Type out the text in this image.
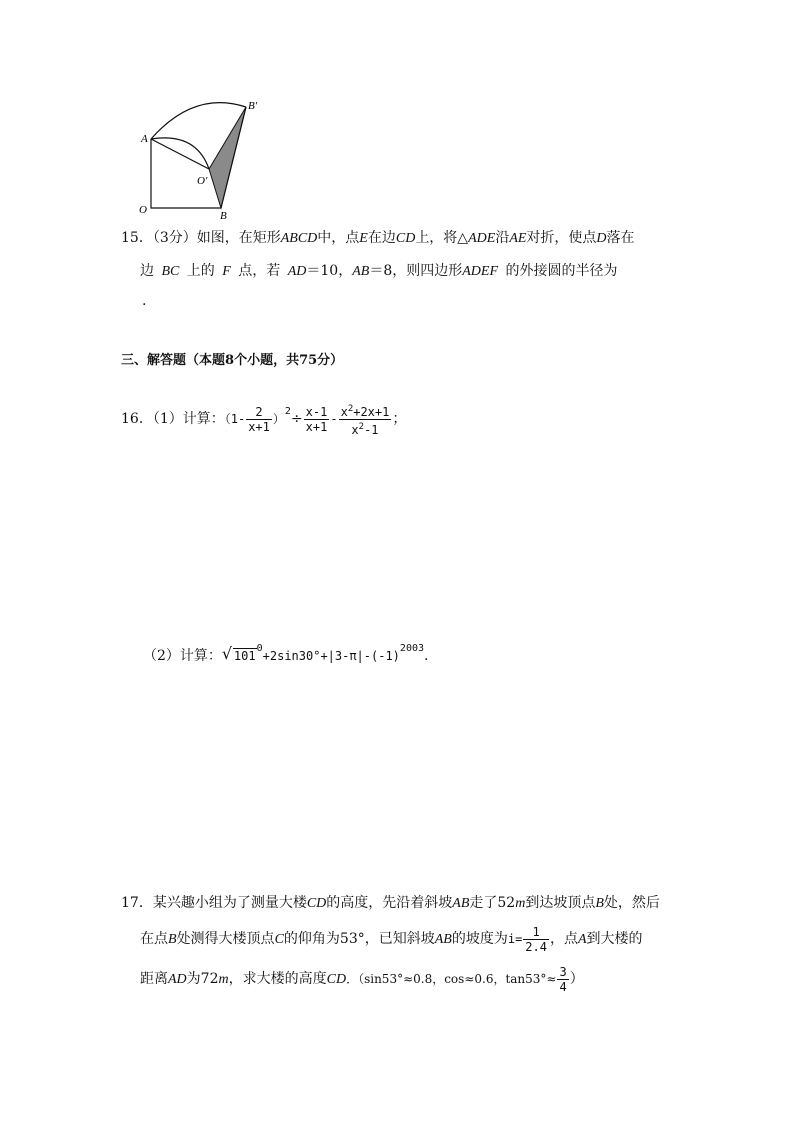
A
B′
O′
O	B
15．（3分）如图，在矩形ABCD中，点E在边CD上，将△ADE沿AE对折，使点D落在
边 BC 上的 F 点，若 AD＝10，AB＝8，则四边形ADEF 的外接圆的半径为
.
三、解答题（本题8个小题，共75分）
16．（1）计算：$(1- \frac{2}{x+1} )^2\div \frac{x-1}{x+1} - \frac{x^2+2x+1}{x^2-1}$ ；
（2）计算： √ $101^0+2\sin 30^\circ+|3-\pi|-(-1)^{2003}$.
17．某兴趣小组为了测量大楼CD的高度，先沿着斜坡AB走了52m到达坡顶点B处，然后
在点B处测得大楼顶点C的仰角为53°，已知斜坡AB的坡度为$i= \frac{1}{2.4}$ ，点A到大楼的
距离AD为72m，求大楼的高度CD．（sin53°≈0.8，cos≈0.6，$\tan 53^\circ\approx \frac{3}{4}$ ）
